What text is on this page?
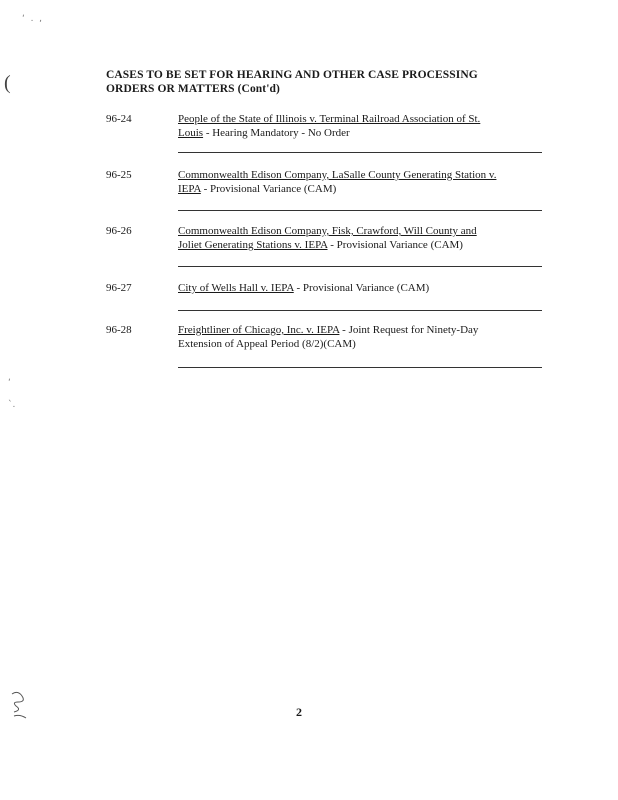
‘  .  ,
(
‘
`.
CASES TO BE SET FOR HEARING AND OTHER CASE PROCESSING
ORDERS OR MATTERS (Cont'd)
96-24	People of the State of Illinois v. Terminal Railroad Association of St.
Louis - Hearing Mandatory - No Order
96-25	Commonwealth Edison Company, LaSalle County Generating Station v.
IEPA - Provisional Variance (CAM)
96-26	Commonwealth Edison Company, Fisk, Crawford, Will County and
Joliet Generating Stations v. IEPA - Provisional Variance (CAM)
96-27	City of Wells Hall v. IEPA - Provisional Variance (CAM)
96-28	Freightliner of Chicago, Inc. v. IEPA - Joint Request for Ninety-Day
Extension of Appeal Period (8/2)(CAM)
2
